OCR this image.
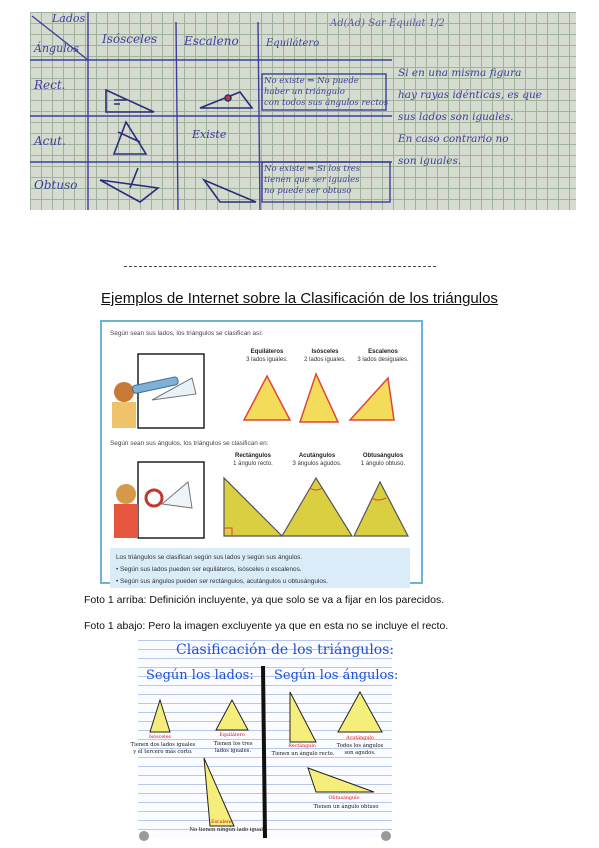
Lados
Ángulos
Isósceles Escaleno	Equilátero
Ad(Ad) Sar Equilat 1/2
Rect.
Acut.
Obtuso
No existe ⇒ No puede
haber un triángulo
con todos sus ángulos rectos
Existe
No existe ⇒ Si los tres
tienen que ser iguales
no puede ser obtuso
Si en una misma figura
hay rayas idénticas, es que
sus lados son iguales.
En caso contrario no
son iguales.
Ejemplos de Internet sobre la Clasificación de los triángulos
Según sean sus lados, los triángulos se clasifican así:
Equiláteros
3 lados iguales.
Isósceles
2 lados iguales.
Escalenos
3 lados desiguales.
Según sean sus ángulos, los triángulos se clasifican en:
Rectángulos
1 ángulo recto.
Acutángulos
3 ángulos agudos.
Obtusángulos
1 ángulo obtuso.
Los triángulos se clasifican según sus lados y según sus ángulos.
• Según sus lados pueden ser equiláteros, isósceles o escalenos.
• Según sus ángulos pueden ser rectángulos, acutángulos u obtusángulos.
Foto 1 arriba: Definición incluyente, ya que solo se va a fijar en los parecidos.
Foto 1 abajo: Pero la imagen excluyente ya que en esta no se incluye el recto.
Clasificación de los triángulos:
Según los lados: Según los ángulos:
Isósceles
Tienen dos lados iguales
y el tercero más corto.
Equilátero
Tienen los tres
lados iguales.
Escaleno
No tienen ningún lado igual.
Rectángulo
Tienen un ángulo recto.
Acutángulo
Todos los ángulos
son agudos.
Obtusángulo
Tienen un ángulo obtuso
